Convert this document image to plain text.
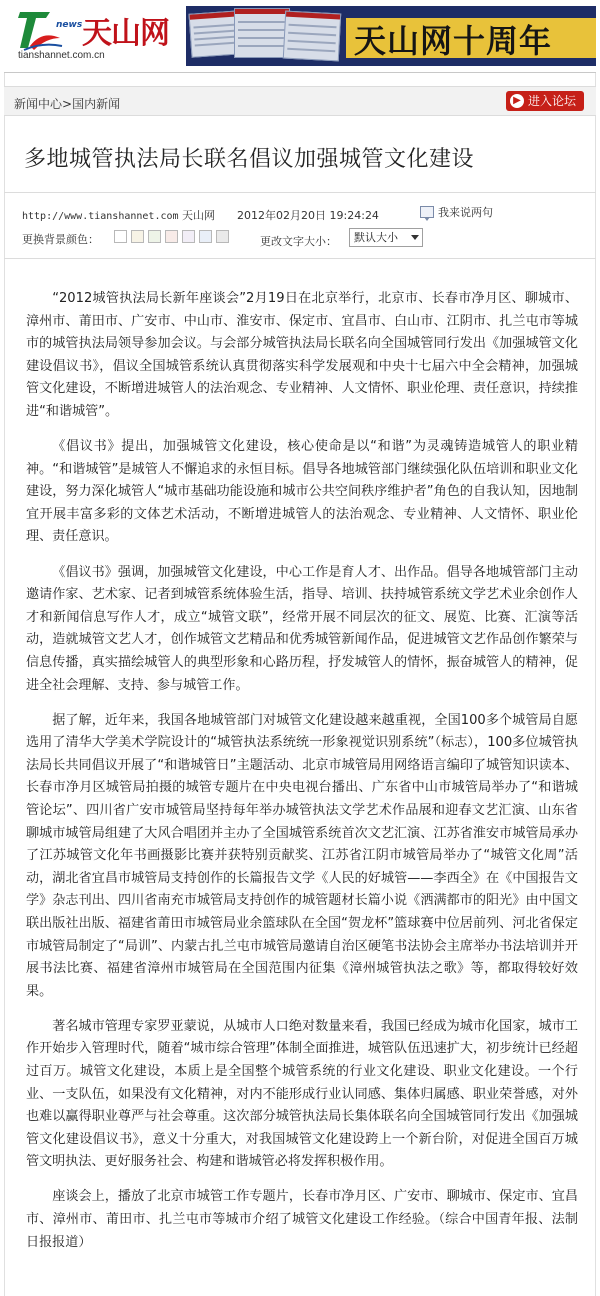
news 天山网
tianshannet.com.cn	天山网十周年
新闻中心>国内新闻	▶ 进入论坛
多地城管执法局长联名倡议加强城管文化建设
http://www.tianshannet.com 天山网 2012年02月20日 19:24:24	我来说两句
更换背景颜色：	更改文字大小：	默认大小

“2012城管执法局长新年座谈会”2月19日在北京举行，北京市、长春市净月区、聊城市、漳州市、莆田市、广安市、中山市、淮安市、保定市、宜昌市、白山市、江阴市、扎兰屯市等城市的城管执法局领导参加会议。与会部分城管执法局长联名向全国城管同行发出《加强城管文化建设倡议书》，倡议全国城管系统认真贯彻落实科学发展观和中央十七届六中全会精神，加强城管文化建设，不断增进城管人的法治观念、专业精神、人文情怀、职业伦理、责任意识，持续推进“和谐城管”。

《倡议书》提出，加强城管文化建设，核心使命是以“和谐”为灵魂铸造城管人的职业精神。“和谐城管”是城管人不懈追求的永恒目标。倡导各地城管部门继续强化队伍培训和职业文化建设，努力深化城管人“城市基础功能设施和城市公共空间秩序维护者”角色的自我认知，因地制宜开展丰富多彩的文体艺术活动，不断增进城管人的法治观念、专业精神、人文情怀、职业伦理、责任意识。

《倡议书》强调，加强城管文化建设，中心工作是育人才、出作品。倡导各地城管部门主动邀请作家、艺术家、记者到城管系统体验生活，指导、培训、扶持城管系统文学艺术业余创作人才和新闻信息写作人才，成立“城管文联”，经常开展不同层次的征文、展览、比赛、汇演等活动，造就城管文艺人才，创作城管文艺精品和优秀城管新闻作品，促进城管文艺作品创作繁荣与信息传播，真实描绘城管人的典型形象和心路历程，抒发城管人的情怀，振奋城管人的精神，促进全社会理解、支持、参与城管工作。

据了解，近年来，我国各地城管部门对城管文化建设越来越重视，全国100多个城管局自愿选用了清华大学美术学院设计的“城管执法系统统一形象视觉识别系统”（标志），100多位城管执法局长共同倡议开展了“和谐城管日”主题活动、北京市城管局用网络语言编印了城管知识读本、长春市净月区城管局拍摄的城管专题片在中央电视台播出、广东省中山市城管局举办了“和谐城管论坛”、四川省广安市城管局坚持每年举办城管执法文学艺术作品展和迎春文艺汇演、山东省聊城市城管局组建了大风合唱团并主办了全国城管系统首次文艺汇演、江苏省淮安市城管局承办了江苏城管文化年书画摄影比赛并获特别贡献奖、江苏省江阴市城管局举办了“城管文化周”活动，湖北省宜昌市城管局支持创作的长篇报告文学《人民的好城管——李西全》在《中国报告文学》杂志刊出、四川省南充市城管局支持创作的城管题材长篇小说《洒满都市的阳光》由中国文联出版社出版、福建省莆田市城管局业余篮球队在全国“贺龙杯”篮球赛中位居前列、河北省保定市城管局制定了“局训”、内蒙古扎兰屯市城管局邀请自治区硬笔书法协会主席举办书法培训并开展书法比赛、福建省漳州市城管局在全国范围内征集《漳州城管执法之歌》等，都取得较好效果。

著名城市管理专家罗亚蒙说，从城市人口绝对数量来看，我国已经成为城市化国家，城市工作开始步入管理时代，随着“城市综合管理”体制全面推进，城管队伍迅速扩大，初步统计已经超过百万。城管文化建设，本质上是全国整个城管系统的行业文化建设、职业文化建设。一个行业、一支队伍，如果没有文化精神，对内不能形成行业认同感、集体归属感、职业荣誉感，对外也难以赢得职业尊严与社会尊重。这次部分城管执法局长集体联名向全国城管同行发出《加强城管文化建设倡议书》，意义十分重大，对我国城管文化建设跨上一个新台阶，对促进全国百万城管文明执法、更好服务社会、构建和谐城管必将发挥积极作用。

座谈会上，播放了北京市城管工作专题片，长春市净月区、广安市、聊城市、保定市、宜昌市、漳州市、莆田市、扎兰屯市等城市介绍了城管文化建设工作经验。（综合中国青年报、法制日报报道）
